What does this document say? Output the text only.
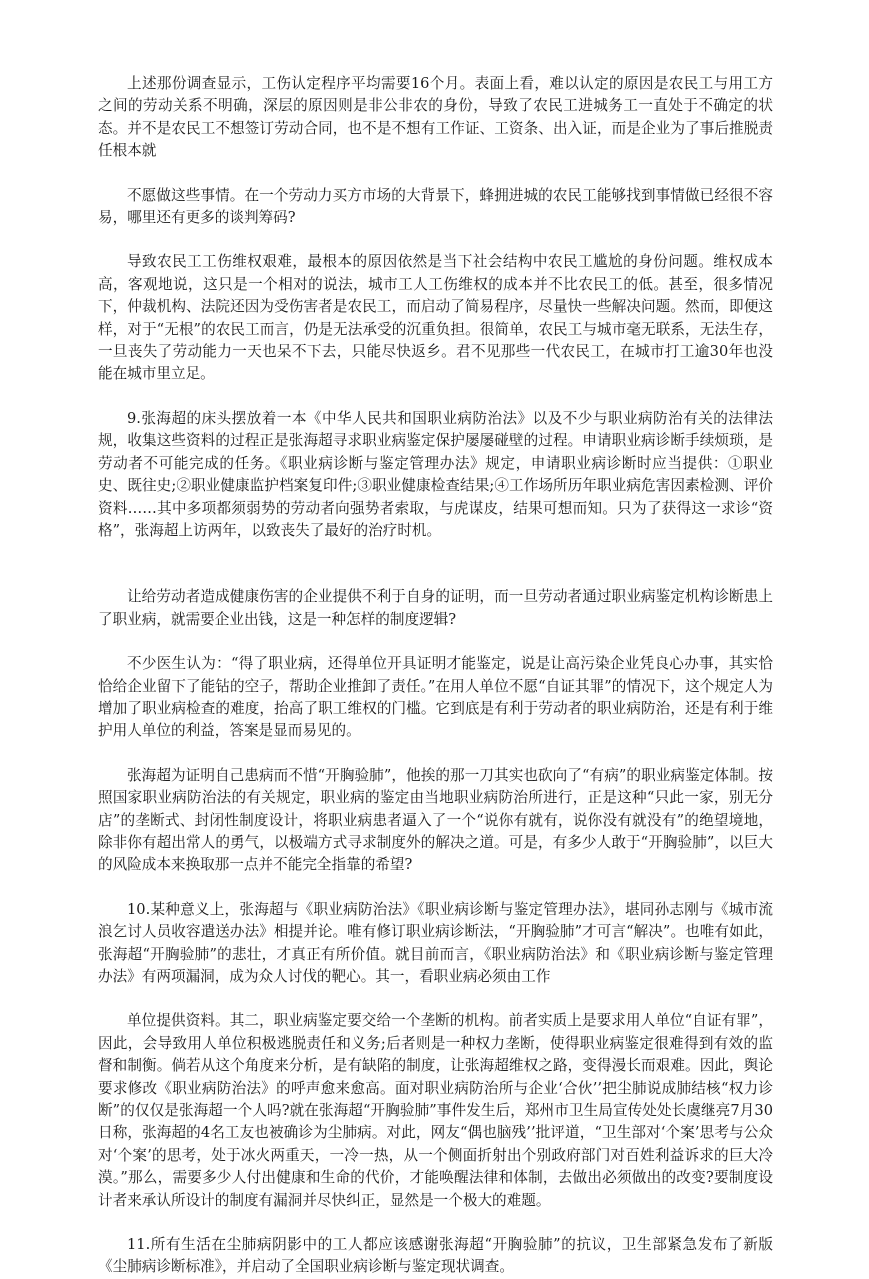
上述那份调查显示，工伤认定程序平均需要16个月。表面上看，难以认定的原因是农民工与用工方之间的劳动关系不明确，深层的原因则是非公非农的身份，导致了农民工进城务工一直处于不确定的状态。并不是农民工不想签订劳动合同，也不是不想有工作证、工资条、出入证，而是企业为了事后推脱责任根本就

不愿做这些事情。在一个劳动力买方市场的大背景下，蜂拥进城的农民工能够找到事情做已经很不容易，哪里还有更多的谈判筹码?

导致农民工工伤维权艰难，最根本的原因依然是当下社会结构中农民工尴尬的身份问题。维权成本高，客观地说，这只是一个相对的说法，城市工人工伤维权的成本并不比农民工的低。甚至，很多情况下，仲裁机构、法院还因为受伤害者是农民工，而启动了简易程序，尽量快一些解决问题。然而，即便这样，对于“无根”的农民工而言，仍是无法承受的沉重负担。很简单，农民工与城市毫无联系，无法生存，一旦丧失了劳动能力一天也呆不下去，只能尽快返乡。君不见那些一代农民工，在城市打工逾30年也没能在城市里立足。

9.张海超的床头摆放着一本《中华人民共和国职业病防治法》以及不少与职业病防治有关的法律法规，收集这些资料的过程正是张海超寻求职业病鉴定保护屡屡碰壁的过程。申请职业病诊断手续烦琐，是劳动者不可能完成的任务。《职业病诊断与鉴定管理办法》规定，申请职业病诊断时应当提供：①职业史、既往史;②职业健康监护档案复印件;③职业健康检查结果;④工作场所历年职业病危害因素检测、评价资料……其中多项都须弱势的劳动者向强势者索取，与虎谋皮，结果可想而知。只为了获得这一求诊“资格”，张海超上访两年，以致丧失了最好的治疗时机。

让给劳动者造成健康伤害的企业提供不利于自身的证明，而一旦劳动者通过职业病鉴定机构诊断患上了职业病，就需要企业出钱，这是一种怎样的制度逻辑?

不少医生认为：“得了职业病，还得单位开具证明才能鉴定，说是让高污染企业凭良心办事，其实恰恰给企业留下了能钻的空子，帮助企业推卸了责任。”在用人单位不愿“自证其罪”的情况下，这个规定人为增加了职业病检查的难度，抬高了职工维权的门槛。它到底是有利于劳动者的职业病防治，还是有利于维护用人单位的利益，答案是显而易见的。

张海超为证明自己患病而不惜“开胸验肺”，他挨的那一刀其实也砍向了“有病”的职业病鉴定体制。按照国家职业病防治法的有关规定，职业病的鉴定由当地职业病防治所进行，正是这种“只此一家，别无分店”的垄断式、封闭性制度设计，将职业病患者逼入了一个“说你有就有，说你没有就没有”的绝望境地，除非你有超出常人的勇气，以极端方式寻求制度外的解决之道。可是，有多少人敢于“开胸验肺”，以巨大的风险成本来换取那一点并不能完全指靠的希望?

10.某种意义上，张海超与《职业病防治法》《职业病诊断与鉴定管理办法》，堪同孙志刚与《城市流浪乞讨人员收容遣送办法》相提并论。唯有修订职业病诊断法，“开胸验肺”才可言“解决”。也唯有如此，张海超“开胸验肺”的悲壮，才真正有所价值。就目前而言，《职业病防治法》和《职业病诊断与鉴定管理办法》有两项漏洞，成为众人讨伐的靶心。其一，看职业病必须由工作

单位提供资料。其二，职业病鉴定要交给一个垄断的机构。前者实质上是要求用人单位“自证有罪”，因此，会导致用人单位积极逃脱责任和义务;后者则是一种权力垄断，使得职业病鉴定很难得到有效的监督和制衡。倘若从这个角度来分析，是有缺陷的制度，让张海超维权之路，变得漫长而艰难。因此，舆论要求修改《职业病防治法》的呼声愈来愈高。面对职业病防治所与企业‘合伙’’把尘肺说成肺结核“权力诊断”的仅仅是张海超一个人吗?就在张海超“开胸验肺”事件发生后，郑州市卫生局宣传处处长虞继亮7月30日称，张海超的4名工友也被确诊为尘肺病。对此，网友“偶也脑残’’批评道，“卫生部对‘个案’思考与公众对‘个案’的思考，处于冰火两重天，一冷一热，从一个侧面折射出个别政府部门对百姓利益诉求的巨大冷漠。”那么，需要多少人付出健康和生命的代价，才能唤醒法律和体制，去做出必须做出的改变?要制度设计者来承认所设计的制度有漏洞并尽快纠正，显然是一个极大的难题。

11.所有生活在尘肺病阴影中的工人都应该感谢张海超“开胸验肺”的抗议，卫生部紧急发布了新版《尘肺病诊断标准》，并启动了全国职业病诊断与鉴定现状调查。
